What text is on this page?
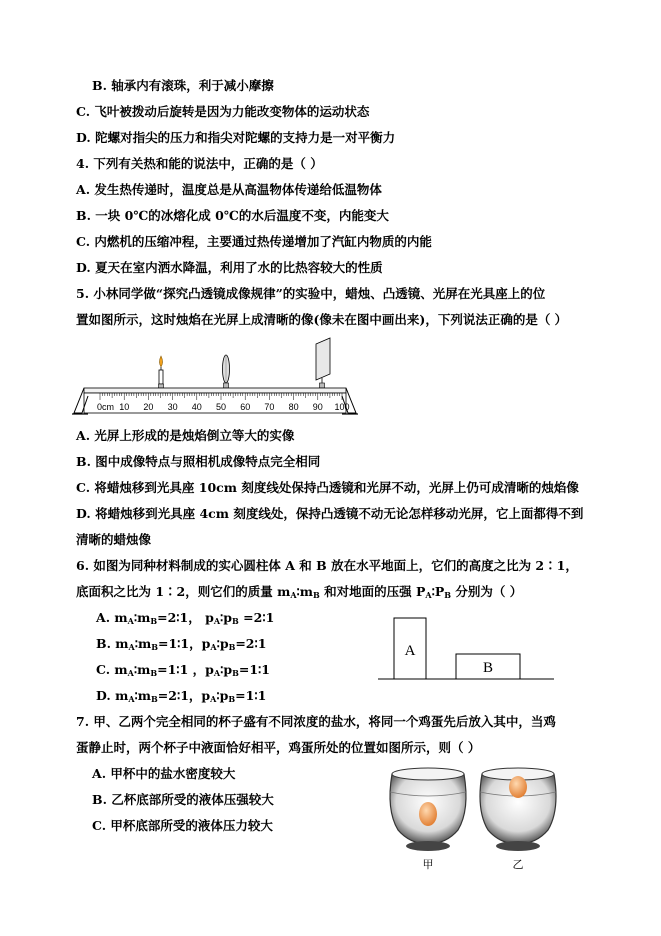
B. 轴承内有滚珠，利于减小摩擦
C. 飞叶被拨动后旋转是因为力能改变物体的运动状态
D. 陀螺对指尖的压力和指尖对陀螺的支持力是一对平衡力
4. 下列有关热和能的说法中，正确的是（ ）
A. 发生热传递时，温度总是从高温物体传递给低温物体
B. 一块 0℃的冰熔化成 0℃的水后温度不变，内能变大
C. 内燃机的压缩冲程，主要通过热传递增加了汽缸内物质的内能
D. 夏天在室内洒水降温，利用了水的比热容较大的性质
5. 小林同学做“探究凸透镜成像规律”的实验中，蜡烛、凸透镜、光屏在光具座上的位
置如图所示，这时烛焰在光屏上成清晰的像(像未在图中画出来)，下列说法正确的是（ ）
0cm 10 20 30 40 50 60 70 80 90 100
A. 光屏上形成的是烛焰倒立等大的实像
B. 图中成像特点与照相机成像特点完全相同
C. 将蜡烛移到光具座 10cm 刻度线处保持凸透镜和光屏不动，光屏上仍可成清晰的烛焰像
D. 将蜡烛移到光具座 4cm 刻度线处，保持凸透镜不动无论怎样移动光屏，它上面都得不到
清晰的蜡烛像
6. 如图为同种材料制成的实心圆柱体 A 和 B 放在水平地面上，它们的高度之比为 2∶1，
底面积之比为 1∶2，则它们的质量 $m_A∶m_B$ 和对地面的压强 $P_A∶P_B$ 分别为（ ）
A. $m_A∶m_B=2∶1$， $p_A∶p_B$ =2∶1
B. $m_A∶m_B=1∶1$，$p_A∶p_B=2∶1$
C. $m_A∶m_B=1∶1$ ，$p_A∶p_B=1∶1$
D. $m_A∶m_B=2∶1$，$p_A∶p_B=1∶1$
A
B
7. 甲、乙两个完全相同的杯子盛有不同浓度的盐水，将同一个鸡蛋先后放入其中，当鸡
蛋静止时，两个杯子中液面恰好相平，鸡蛋所处的位置如图所示，则（ ）
A. 甲杯中的盐水密度较大
B. 乙杯底部所受的液体压强较大
C. 甲杯底部所受的液体压力较大
甲	乙
